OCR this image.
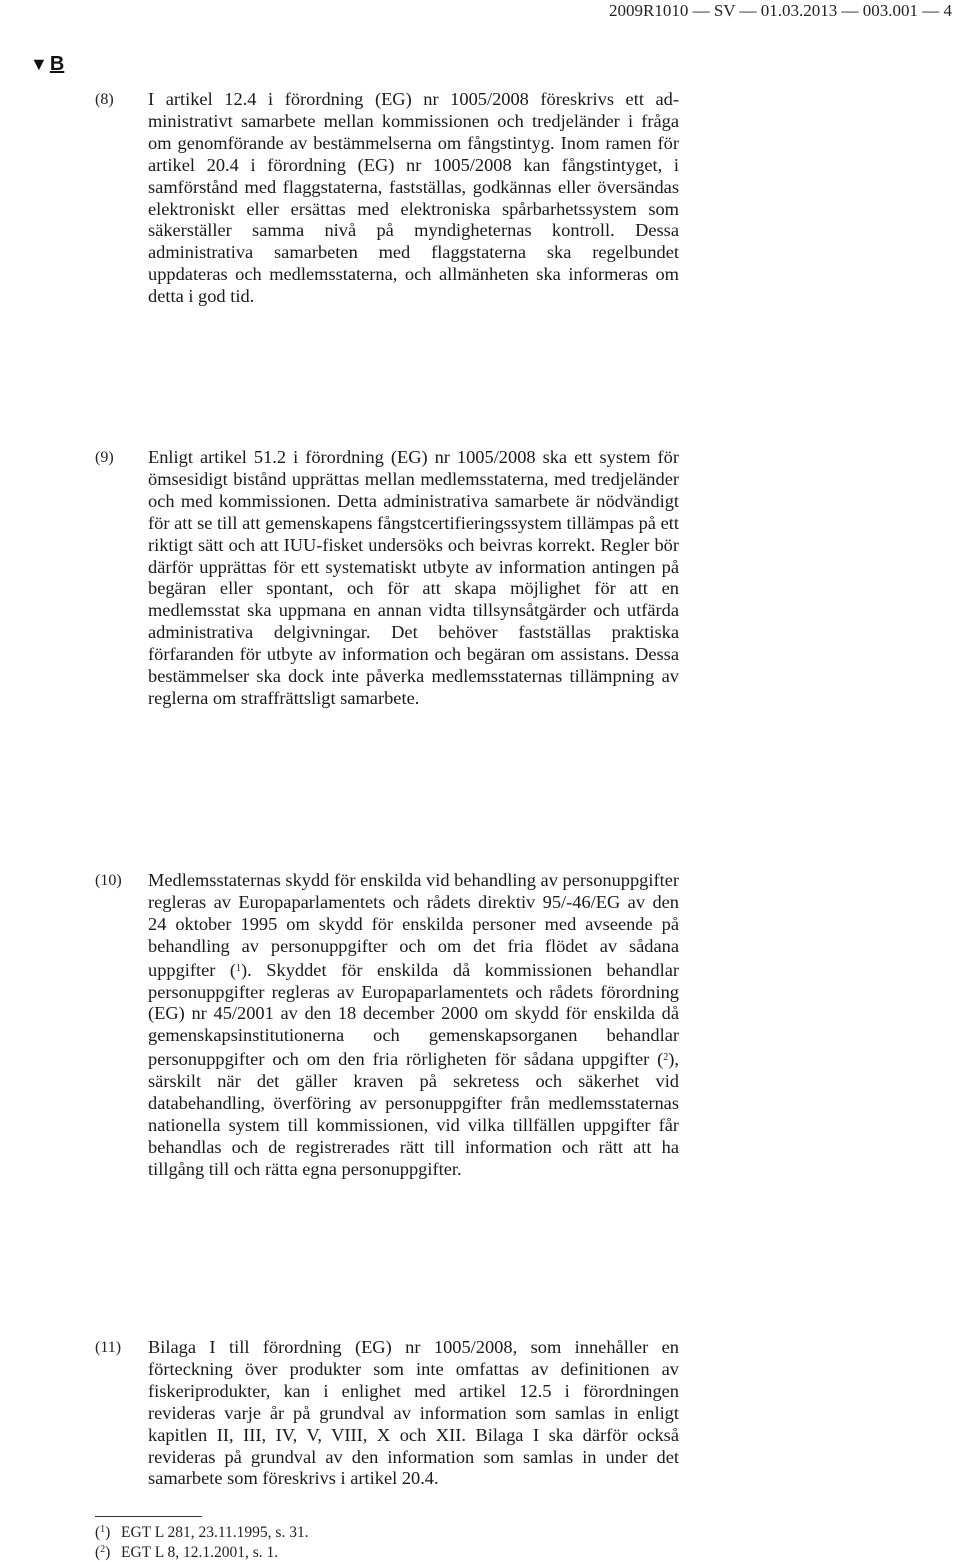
2009R1010 — SV — 01.03.2013 — 003.001 — 4
▼ B
(8) I artikel 12.4 i förordning (EG) nr 1005/2008 föreskrivs ett administrativt samarbete mellan kommissionen och tredjeländer i fråga om genomförande av bestämmelserna om fångstintyg. Inom ramen för artikel 20.4 i förordning (EG) nr 1005/2008 kan fångstintyget, i samförstånd med flaggstaterna, fastställas, godkännas eller översändas elektroniskt eller ersättas med elektroniska spårbarhetssystem som säkerställer samma nivå på myndigheternas kontroll. Dessa administrativa samarbeten med flaggstaterna ska regelbundet uppdateras och medlemsstaterna, och allmänheten ska informeras om detta i god tid.
(9) Enligt artikel 51.2 i förordning (EG) nr 1005/2008 ska ett system för ömsesidigt bistånd upprättas mellan medlemsstaterna, med tredjeländer och med kommissionen. Detta administrativa samarbete är nödvändigt för att se till att gemenskapens fångstcertifieringssystem tillämpas på ett riktigt sätt och att IUU-fisket undersöks och beivras korrekt. Regler bör därför upprättas för ett systematiskt utbyte av information antingen på begäran eller spontant, och för att skapa möjlighet för att en medlemsstat ska uppmana en annan vidta tillsynsåtgärder och utfärda administrativa delgivningar. Det behöver fastställas praktiska förfaranden för utbyte av information och begäran om assistans. Dessa bestämmelser ska dock inte påverka medlemsstaternas tillämpning av reglerna om straffrättsligt samarbete.
(10) Medlemsstaternas skydd för enskilda vid behandling av personuppgifter regleras av Europaparlamentets och rådets direktiv 95/-46/EG av den 24 oktober 1995 om skydd för enskilda personer med avseende på behandling av personuppgifter och om det fria flödet av sådana uppgifter ($^1$). Skyddet för enskilda då kommissionen behandlar personuppgifter regleras av Europaparlamentets och rådets förordning (EG) nr 45/2001 av den 18 december 2000 om skydd för enskilda då gemenskapsinstitutionerna och gemenskapsorganen behandlar personuppgifter och om den fria rörligheten för sådana uppgifter ($^2$), särskilt när det gäller kraven på sekretess och säkerhet vid databehandling, överföring av personuppgifter från medlemsstaternas nationella system till kommissionen, vid vilka tillfällen uppgifter får behandlas och de registrerades rätt till information och rätt att ha tillgång till och rätta egna personuppgifter.
(11) Bilaga I till förordning (EG) nr 1005/2008, som innehåller en förteckning över produkter som inte omfattas av definitionen av fiskeriprodukter, kan i enlighet med artikel 12.5 i förordningen revideras varje år på grundval av information som samlas in enligt kapitlen II, III, IV, V, VIII, X och XII. Bilaga I ska därför också revideras på grundval av den information som samlas in under det samarbete som föreskrivs i artikel 20.4.
($^1$) EGT L 281, 23.11.1995, s. 31.
($^2$) EGT L 8, 12.1.2001, s. 1.
